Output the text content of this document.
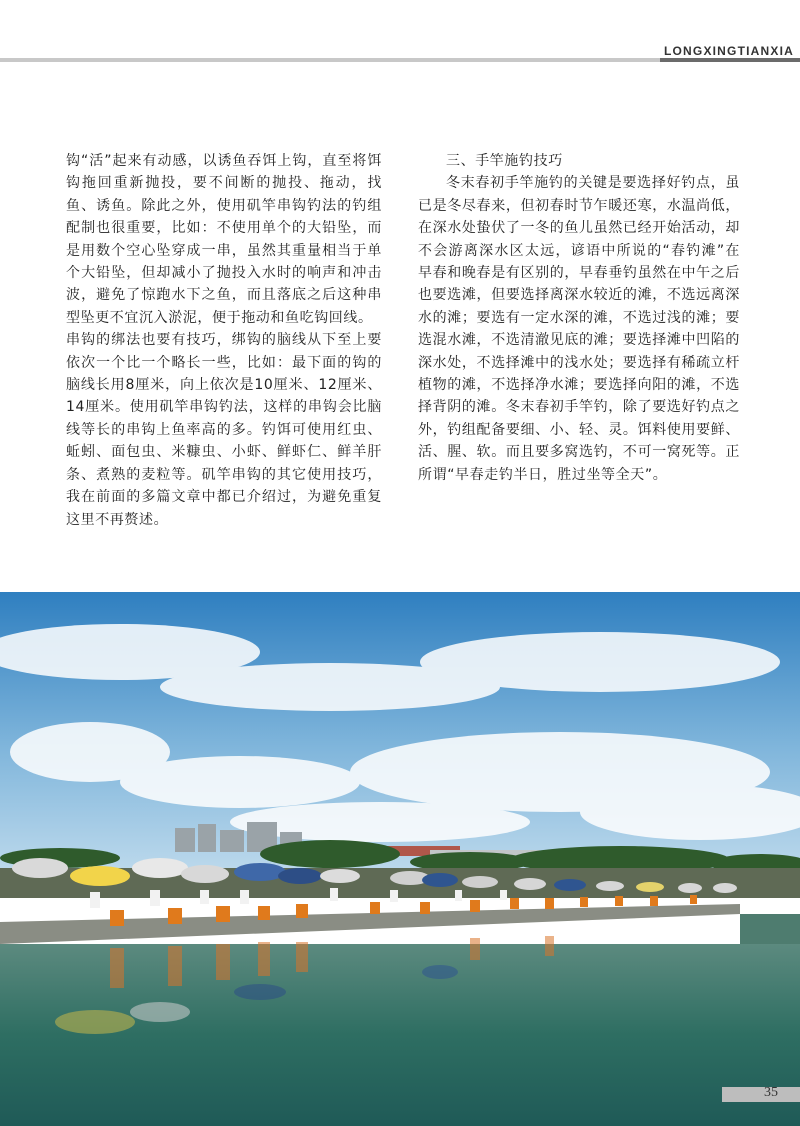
LONGXINGTIANXIA

钩“活”起来有动感，以诱鱼吞饵上钩，直至将饵钩拖回重新抛投，要不间断的抛投、拖动，找鱼、诱鱼。除此之外，使用矶竿串钩钓法的钓组配制也很重要，比如：不使用单个的大铅坠，而是用数个空心坠穿成一串，虽然其重量相当于单个大铅坠，但却减小了抛投入水时的响声和冲击波，避免了惊跑水下之鱼，而且落底之后这种串型坠更不宜沉入淤泥，便于拖动和鱼吃钩回线。

串钩的绑法也要有技巧，绑钩的脑线从下至上要依次一个比一个略长一些，比如：最下面的钩的脑线长用8厘米，向上依次是10厘米、12厘米、14厘米。使用矶竿串钩钓法，这样的串钩会比脑线等长的串钩上鱼率高的多。钓饵可使用红虫、蚯蚓、面包虫、米糠虫、小虾、鲜虾仁、鲜羊肝条、煮熟的麦粒等。矶竿串钩的其它使用技巧，我在前面的多篇文章中都已介绍过，为避免重复这里不再赘述。

三、手竿施钓技巧

冬末春初手竿施钓的关键是要选择好钓点，虽已是冬尽春来，但初春时节乍暖还寒，水温尚低，在深水处蛰伏了一冬的鱼儿虽然已经开始活动，却不会游离深水区太远，谚语中所说的“春钓滩”在早春和晚春是有区别的，早春垂钓虽然在中午之后也要选滩，但要选择离深水较近的滩，不选远离深水的滩；要选有一定水深的滩，不选过浅的滩；要选混水滩，不选清澈见底的滩；要选择滩中凹陷的深水处，不选择滩中的浅水处；要选择有稀疏立杆植物的滩，不选择净水滩；要选择向阳的滩，不选择背阴的滩。冬末春初手竿钓，除了要选好钓点之外，钓组配备要细、小、轻、灵。饵料使用要鲜、活、腥、软。而且要多窝选钓，不可一窝死等。正所谓“早春走钓半日，胜过坐等全天”。

35
